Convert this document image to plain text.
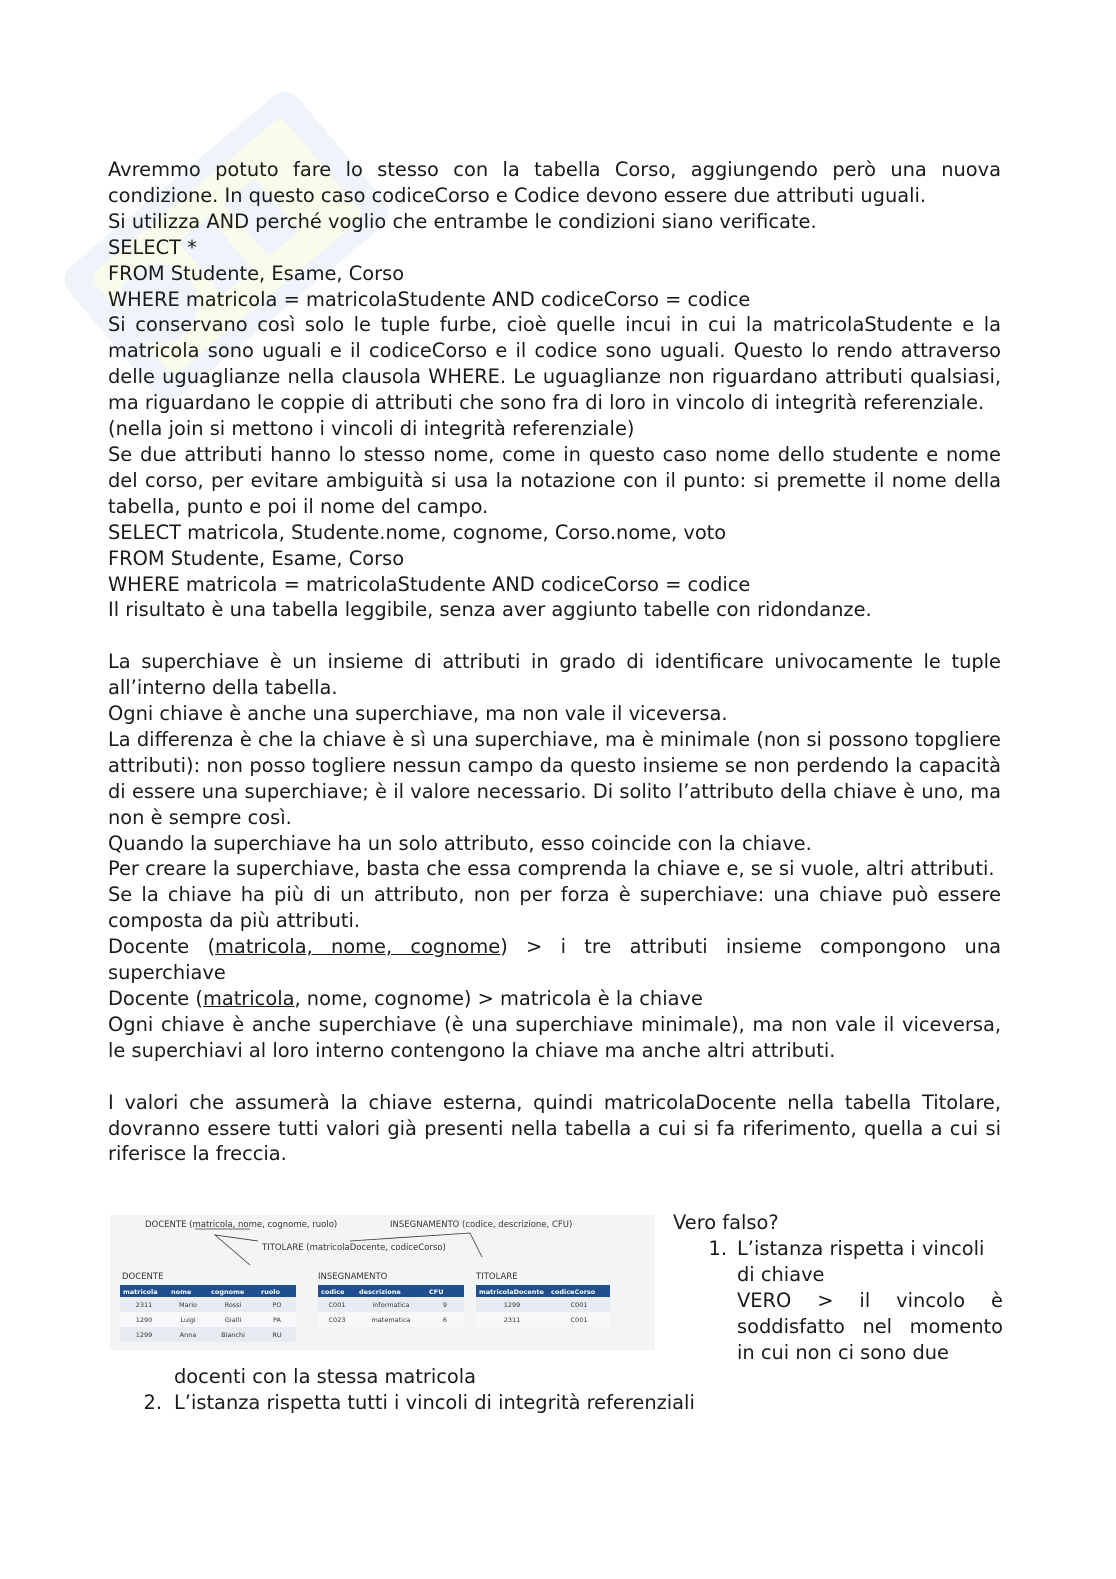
Avremmo potuto fare lo stesso con la tabella Corso, aggiungendo però una nuova condizione. In questo caso codiceCorso e Codice devono essere due attributi uguali.

Si utilizza AND perché voglio che entrambe le condizioni siano verificate.

SELECT *

FROM Studente, Esame, Corso

WHERE matricola = matricolaStudente AND codiceCorso = codice

Si conservano così solo le tuple furbe, cioè quelle incui in cui la matricolaStudente e la matricola sono uguali e il codiceCorso e il codice sono uguali. Questo lo rendo attraverso delle uguaglianze nella clausola WHERE. Le uguaglianze non riguardano attributi qualsiasi, ma riguardano le coppie di attributi che sono fra di loro in vincolo di integrità referenziale.

(nella join si mettono i vincoli di integrità referenziale)

Se due attributi hanno lo stesso nome, come in questo caso nome dello studente e nome del corso, per evitare ambiguità si usa la notazione con il punto: si premette il nome della tabella, punto e poi il nome del campo.

SELECT matricola, Studente.nome, cognome, Corso.nome, voto

FROM Studente, Esame, Corso

WHERE matricola = matricolaStudente AND codiceCorso = codice

Il risultato è una tabella leggibile, senza aver aggiunto tabelle con ridondanze.

La superchiave è un insieme di attributi in grado di identificare univocamente le tuple all’interno della tabella.

Ogni chiave è anche una superchiave, ma non vale il viceversa.

La differenza è che la chiave è sì una superchiave, ma è minimale (non si possono topgliere attributi): non posso togliere nessun campo da questo insieme se non perdendo la capacità di essere una superchiave; è il valore necessario. Di solito l’attributo della chiave è uno, ma non è sempre così.

Quando la superchiave ha un solo attributo, esso coincide con la chiave.

Per creare la superchiave, basta che essa comprenda la chiave e, se si vuole, altri attributi.

Se la chiave ha più di un attributo, non per forza è superchiave: una chiave può essere composta da più attributi.

Docente (matricola, nome, cognome) > i tre attributi insieme compongono una superchiave

Docente (matricola, nome, cognome) > matricola è la chiave

Ogni chiave è anche superchiave (è una superchiave minimale), ma non vale il viceversa, le superchiavi al loro interno contengono la chiave ma anche altri attributi.

I valori che assumerà la chiave esterna, quindi matricolaDocente nella tabella Titolare, dovranno essere tutti valori già presenti nella tabella a cui si fa riferimento, quella a cui si riferisce la freccia.

DOCENTE (matricola, nome, cognome, ruolo)	INSEGNAMENTO (codice, descrizione, CFU)
TITOLARE (matricolaDocente, codiceCorso)
DOCENTE
matricola nome	cognome	ruolo
2311	Mario	Rossi	PO
1290	Luigi	Gialli	PA
1299	Anna	Bianchi	RU
INSEGNAMENTO
codice descrizione	CFU
C001	informatica	9
C023	matematica	6
TITOLARE
matricolaDocente codiceCorso
1299	C001
2311	C001
Vero falso?
1. L’istanza rispetta i vincoli di chiave
VERO > il vincolo è soddisfatto nel momento in cui non ci sono due
docenti con la stessa matricola
2. L’istanza rispetta tutti i vincoli di integrità referenziali
